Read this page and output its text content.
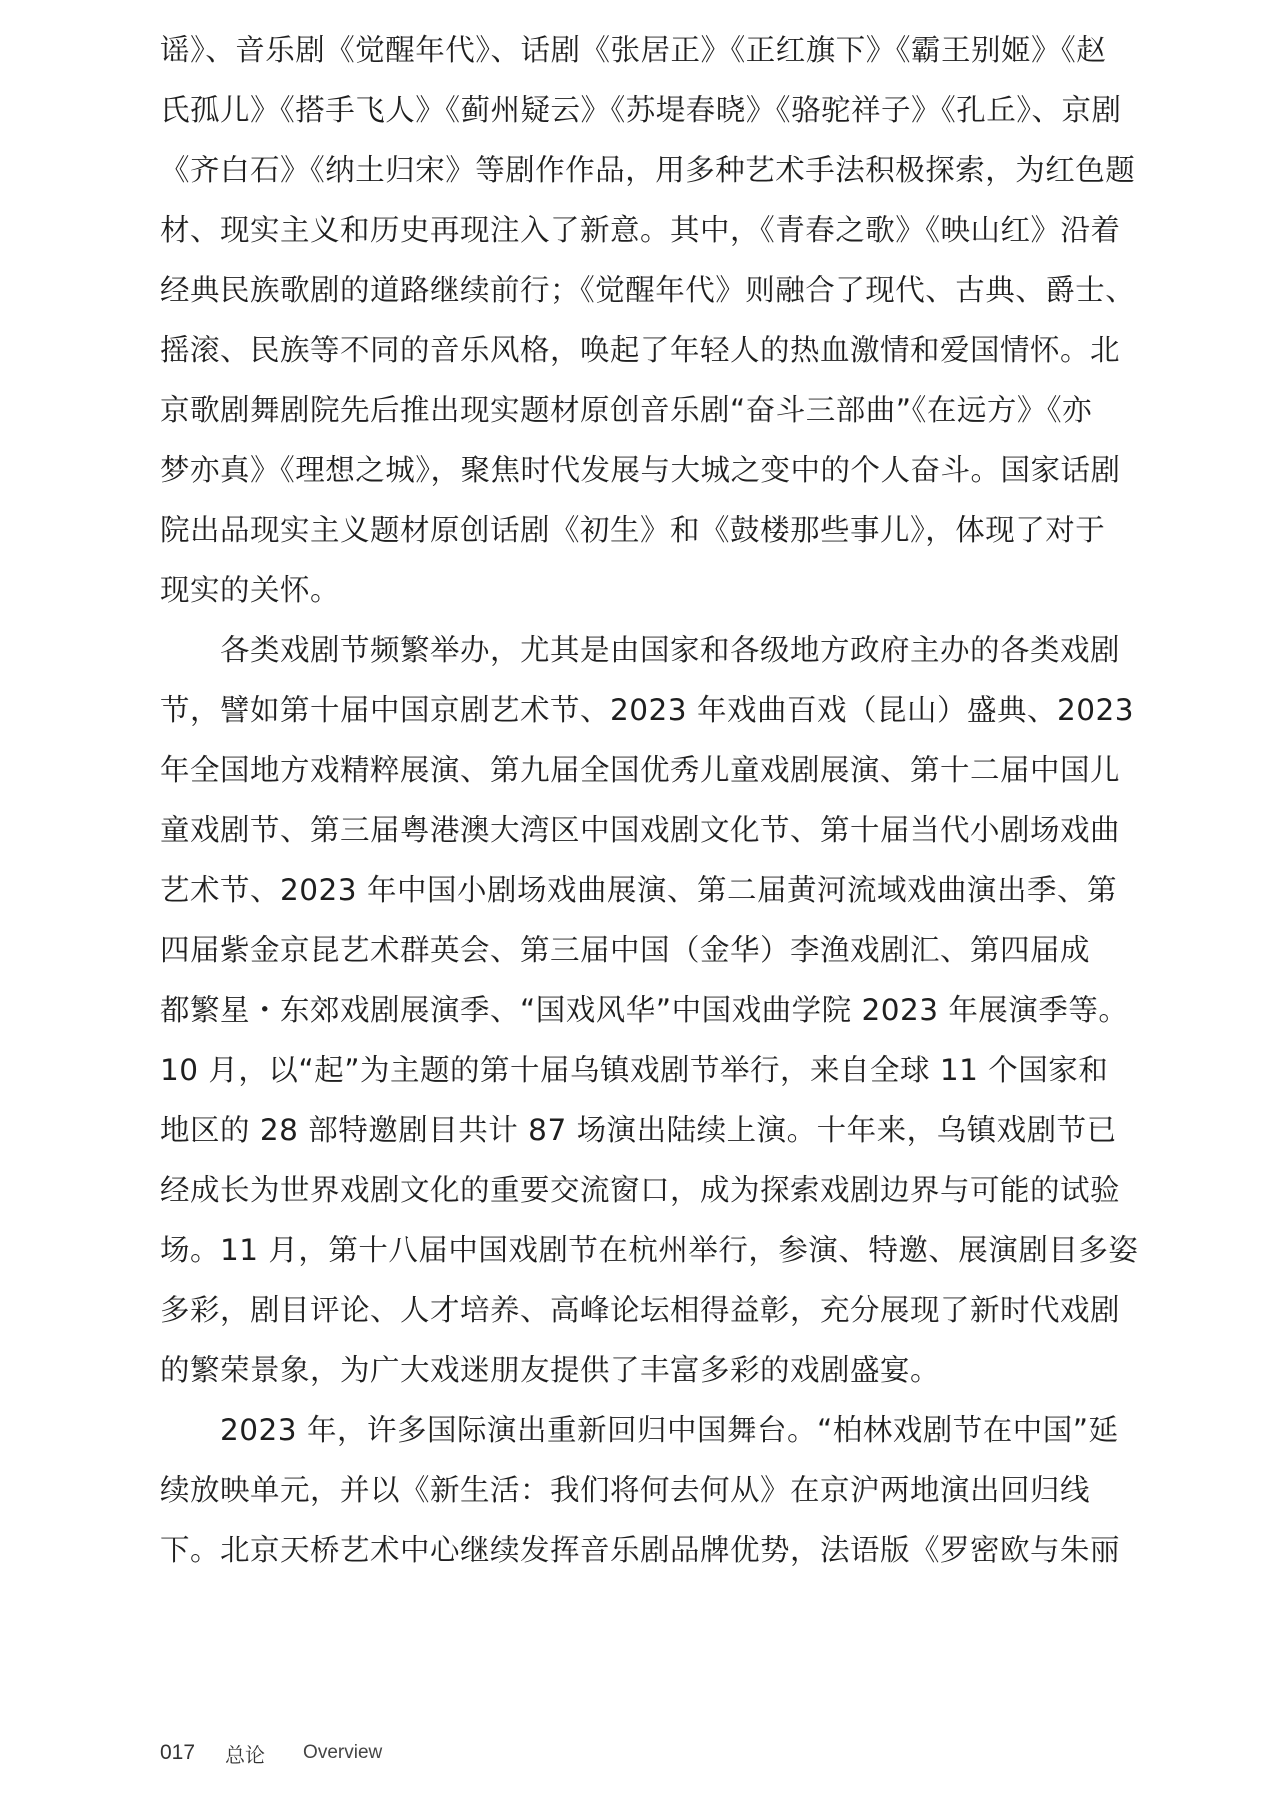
谣》、音乐剧《觉醒年代》、话剧《张居正》《正红旗下》《霸王别姬》《赵
氏孤儿》《搭手飞人》《蓟州疑云》《苏堤春晓》《骆驼祥子》《孔丘》、京剧
《齐白石》《纳土归宋》等剧作作品，用多种艺术手法积极探索，为红色题
材、现实主义和历史再现注入了新意。其中，《青春之歌》《映山红》沿着
经典民族歌剧的道路继续前行；《觉醒年代》则融合了现代、古典、爵士、
摇滚、民族等不同的音乐风格，唤起了年轻人的热血激情和爱国情怀。北
京歌剧舞剧院先后推出现实题材原创音乐剧“奋斗三部曲”《在远方》《亦
梦亦真》《理想之城》，聚焦时代发展与大城之变中的个人奋斗。国家话剧
院出品现实主义题材原创话剧《初生》和《鼓楼那些事儿》，体现了对于
现实的关怀。

　　各类戏剧节频繁举办，尤其是由国家和各级地方政府主办的各类戏剧
节，譬如第十届中国京剧艺术节、2023 年戏曲百戏（昆山）盛典、2023
年全国地方戏精粹展演、第九届全国优秀儿童戏剧展演、第十二届中国儿
童戏剧节、第三届粤港澳大湾区中国戏剧文化节、第十届当代小剧场戏曲
艺术节、2023 年中国小剧场戏曲展演、第二届黄河流域戏曲演出季、第
四届紫金京昆艺术群英会、第三届中国（金华）李渔戏剧汇、第四届成
都繁星・东郊戏剧展演季、“国戏风华”中国戏曲学院 2023 年展演季等。
10 月，以“起”为主题的第十届乌镇戏剧节举行，来自全球 11 个国家和
地区的 28 部特邀剧目共计 87 场演出陆续上演。十年来，乌镇戏剧节已
经成长为世界戏剧文化的重要交流窗口，成为探索戏剧边界与可能的试验
场。11 月，第十八届中国戏剧节在杭州举行，参演、特邀、展演剧目多姿
多彩，剧目评论、人才培养、高峰论坛相得益彰，充分展现了新时代戏剧
的繁荣景象，为广大戏迷朋友提供了丰富多彩的戏剧盛宴。

　　2023 年，许多国际演出重新回归中国舞台。“柏林戏剧节在中国”延
续放映单元，并以《新生活：我们将何去何从》在京沪两地演出回归线
下。北京天桥艺术中心继续发挥音乐剧品牌优势，法语版《罗密欧与朱丽

017 总论 Overview
